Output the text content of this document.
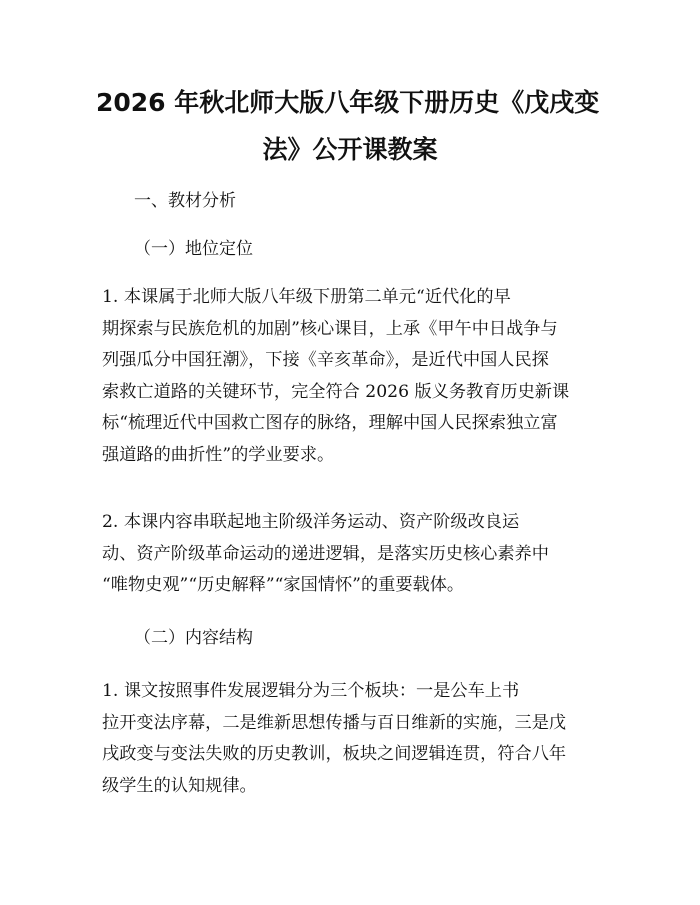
2026 年秋北师大版八年级下册历史《戊戌变
法》公开课教案
一、教材分析
（一）地位定位
1. 本课属于北师大版八年级下册第二单元“近代化的早
期探索与民族危机的加剧”核心课目，上承《甲午中日战争与
列强瓜分中国狂潮》，下接《辛亥革命》，是近代中国人民探
索救亡道路的关键环节，完全符合 2026 版义务教育历史新课
标“梳理近代中国救亡图存的脉络，理解中国人民探索独立富
强道路的曲折性”的学业要求。
2. 本课内容串联起地主阶级洋务运动、资产阶级改良运
动、资产阶级革命运动的递进逻辑，是落实历史核心素养中
“唯物史观”“历史解释”“家国情怀”的重要载体。
（二）内容结构
1. 课文按照事件发展逻辑分为三个板块：一是公车上书
拉开变法序幕，二是维新思想传播与百日维新的实施，三是戊
戌政变与变法失败的历史教训，板块之间逻辑连贯，符合八年
级学生的认知规律。
